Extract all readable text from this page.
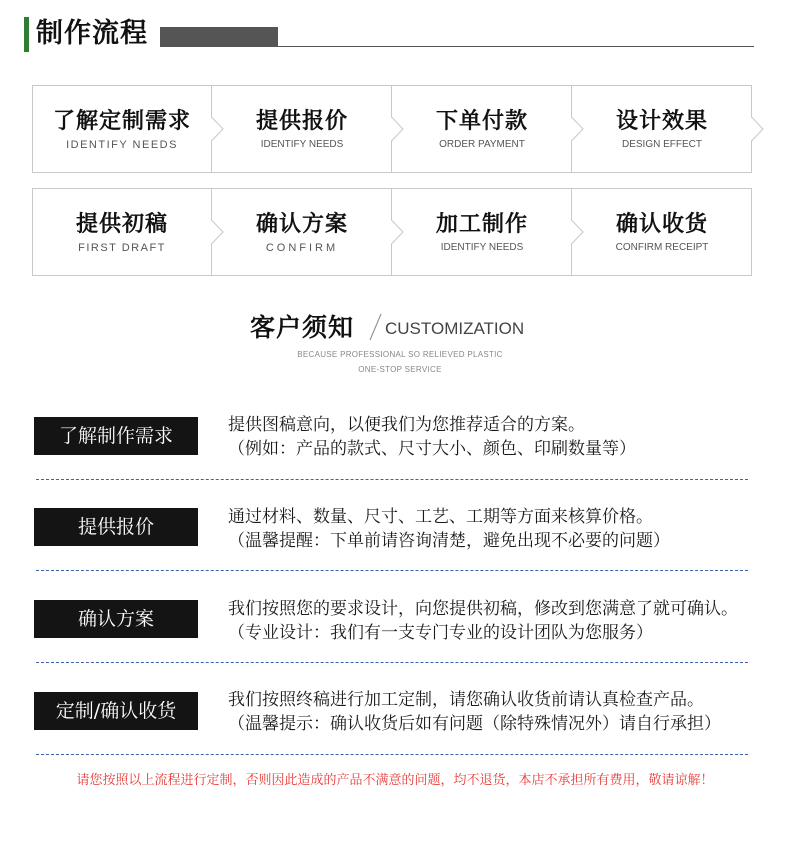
制作流程
了解定制需求
IDENTIFY NEEDS
提供报价
IDENTIFY NEEDS
下单付款
ORDER PAYMENT
设计效果
DESIGN EFFECT
提供初稿
FIRST DRAFT
确认方案
CONFIRM
加工制作
IDENTIFY NEEDS
确认收货
CONFIRM RECEIPT
客户须知 CUSTOMIZATION
BECAUSE PROFESSIONAL SO RELIEVED PLASTIC
ONE-STOP SERVICE
了解制作需求	提供图稿意向，以便我们为您推荐适合的方案。
（例如：产品的款式、尺寸大小、颜色、印刷数量等）
提供报价	通过材料、数量、尺寸、工艺、工期等方面来核算价格。
（温馨提醒：下单前请咨询清楚，避免出现不必要的问题）
确认方案	我们按照您的要求设计，向您提供初稿，修改到您满意了就可确认。
（专业设计：我们有一支专门专业的设计团队为您服务）
定制/确认收货	我们按照终稿进行加工定制，请您确认收货前请认真检查产品。
（温馨提示：确认收货后如有问题（除特殊情况外）请自行承担）
请您按照以上流程进行定制，否则因此造成的产品不满意的问题，均不退货，本店不承担所有费用，敬请谅解！
